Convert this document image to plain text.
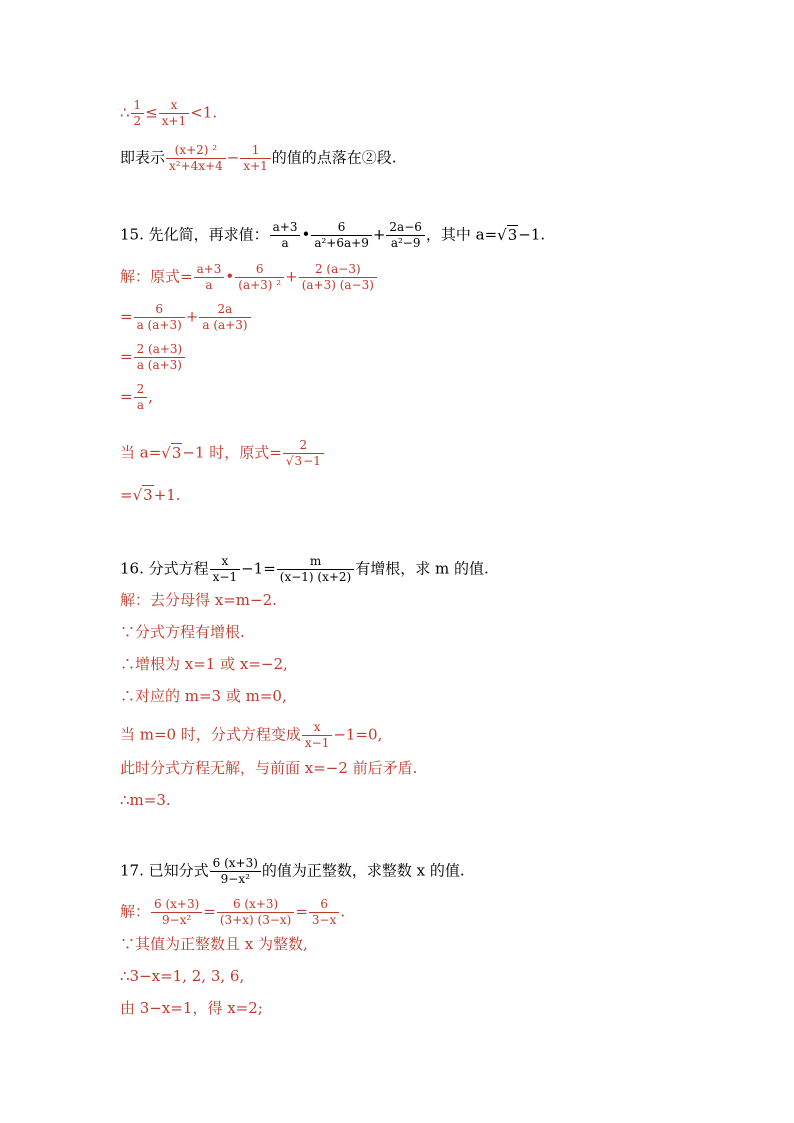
∴ $\frac{1}{2} \le \frac{x}{x+1} <1$.
即表示 $\frac{\text{(x+2) ²}}{\text{x²+4x+4}} - \frac{1}{x+1}$ 的值的点落在②段.
15. 先化简，再求值： $\frac{a+3}{a}$ • $\frac{6}{\text{a²+6a+9}} + \frac{2a-6}{\text{a²−9}}$ ，其中 a=√3−1.
解：原式= $\frac{a+3}{a}$ • $\frac{6}{\text{(a+3) ²}} + \frac{2 (a-3)}{(a+3) (a-3)}$
= $\frac{6}{a (a+3)} + \frac{2a}{a (a+3)}$
= $\frac{2 (a+3)}{a (a+3)}$
= $\frac{2}{a}$ ,
当 a=√3−1 时，原式= $\frac{2}{√3-1}$
=√3+1.
16. 分式方程 $\frac{x}{x-1} -1= \frac{m}{(x-1) (x+2)}$ 有增根，求 m 的值.
解：去分母得 x=m−2.
∵分式方程有增根.
∴增根为 x=1 或 x=−2,
∴对应的 m=3 或 m=0,
当 m=0 时，分式方程变成 $\frac{x}{x-1} -1=0$,
此时分式方程无解，与前面 x=−2 前后矛盾.
∴m=3.
17. 已知分式 $\frac{6 (x+3)}{\text{9−x²}}$ 的值为正整数，求整数 x 的值.
解： $\frac{6 (x+3)}{\text{9−x²}} = \frac{6 (x+3)}{(3+x) (3-x)} = \frac{6}{3-x}$ .
∵其值为正整数且 x 为整数,
∴3−x=1, 2, 3, 6,
由 3−x=1，得 x=2;
